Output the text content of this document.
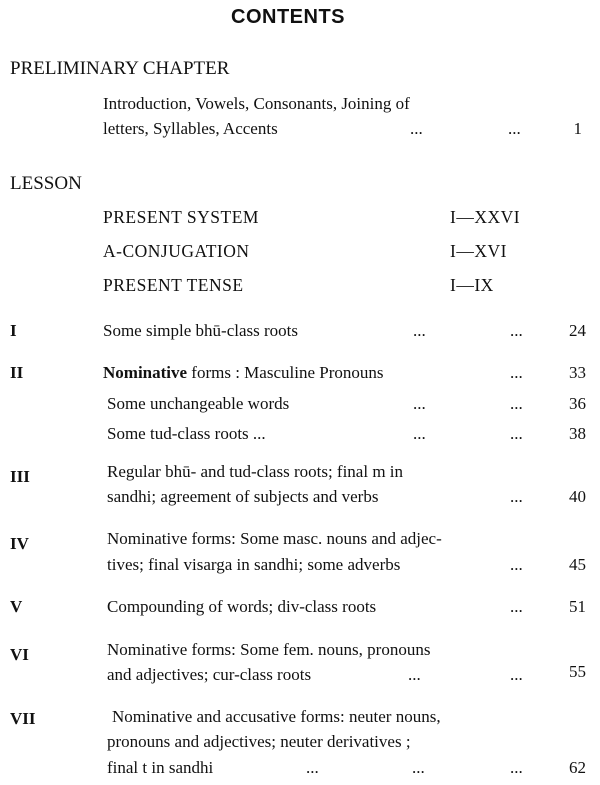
CONTENTS
PRELIMINARY CHAPTER
Introduction, Vowels, Consonants, Joining of
letters, Syllables, Accents	...	...	1
LESSON
PRESENT SYSTEM	I—XXVI
A-CONJUGATION	I—XVI
PRESENT TENSE	I—IX
I	Some simple bhū-class roots	...	...	24
II	Nominative forms : Masculine Pronouns	...	33
Some unchangeable words	...	...	36
Some tud-class roots ...	...	...	38
III	Regular bhū- and tud-class roots; final m in
sandhi; agreement of subjects and verbs	...	40
IV	Nominative forms: Some masc. nouns and adjec-
tives; final visarga in sandhi; some adverbs	...	45
V	Compounding of words; div-class roots	...	51
VI	Nominative forms: Some fem. nouns, pronouns
and adjectives; cur-class roots	...	...	55
VII	Nominative and accusative forms: neuter nouns,
pronouns and adjectives; neuter derivatives ;
final t in sandhi	...	...	...	62
